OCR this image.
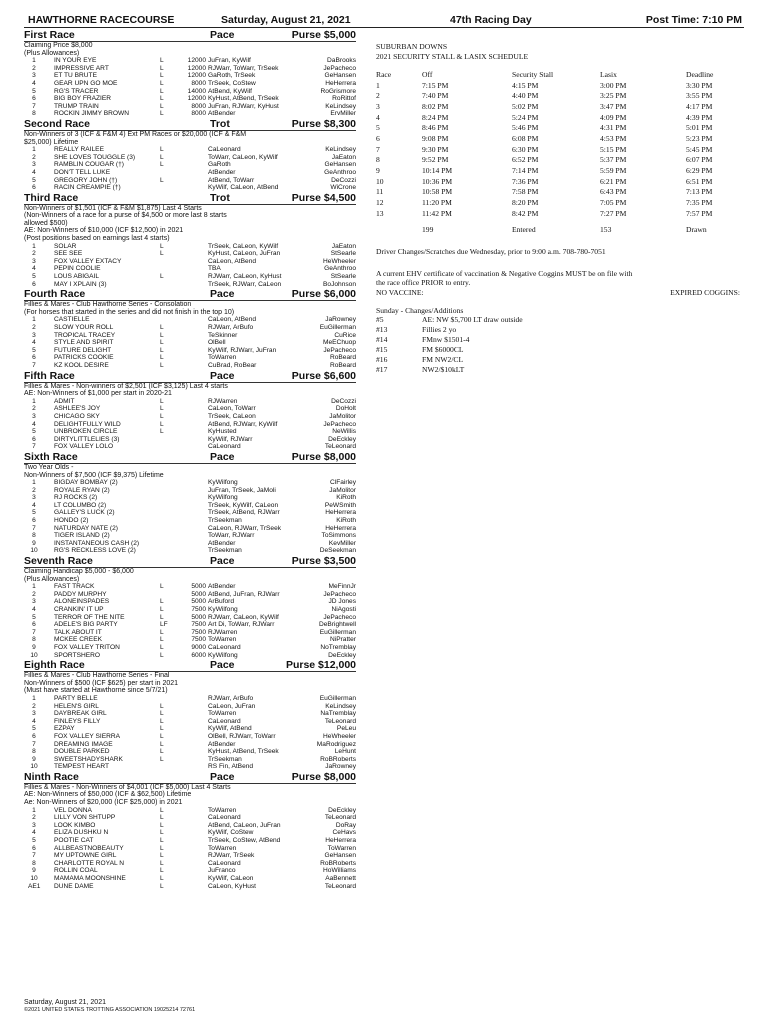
HAWTHORNE RACECOURSE	Saturday, August 21, 2021	47th Racing Day	Post Time: 7:10 PM
First Race	Pace	Purse $5,000
Claiming Price $8,000
(Plus Allowances)
1	IN YOUR EYE	L	12000 JuFran, KyWilf	DaBrooks
2	IMPRESSIVE ART	L	12000 RJWarr, ToWarr, TrSeek	JePacheco
3	ET TU BRUTE	L	12000 GaRoth, TrSeek	GeHansen
4	GEAR UPN GO MOE	L	8000 TrSeek, CoStew	HeHerrera
5	RG'S TRACER	L	14000 AtBend, KyWilf	RoGrismore
6	BIG BOY FRAZIER	L	12000 KyHust, AtBend, TrSeek	RoRittof
7	TRUMP TRAIN	L	8000 JuFran, RJWarr, KyHust	KeLindsey
8	ROCKIN JIMMY BROWN	L	8000 AtBender	ErvMiller
Second Race	Trot	Purse $8,300
Non-Winners of 3 (ICF & F&M 4) Ext PM Races or $20,000 (ICF & F&M
$25,000) Lifetime
1	REALLY RAILEE	L	CaLeonard	KeLindsey
2	SHE LOVES TOUGGLE (3)	L	ToWarr, CaLeon, KyWilf	JaEaton
3	RAMBLIN COUGAR (†)	L	GaRoth	GeHansen
4	DON'T TELL LUKE	AtBender	GeAnthroo
5	GREGORY JOHN (†)	L	AtBend, ToWarr	DeCozzi
6	RACIN CREAMPIE (†)	KyWilf, CaLeon, AtBend	WiCrone
Third Race	Trot	Purse $4,500
Non-Winners of $1,501 (ICF & F&M $1,875) Last 4 Starts
(Non-Winners of a race for a purse of $4,500 or more last 8 starts
allowed $500)
AE: Non-Winners of $10,000 (ICF $12,500) in 2021
(Post positions based on earnings last 4 starts)
1	SOLAR	L	TrSeek, CaLeon, KyWilf	JaEaton
2	SEE SEE	L	KyHust, CaLeon, JuFran	StSearle
3	FOX VALLEY EXTACY	CaLeon, AtBend	HeWheeler
4	PEPIN COOLIE	TBA	GeAnthroo
5	LOUS ABIGAIL	L	RJWarr, CaLeon, KyHust	StSearle
6	MAY I XPLAIN (3)	TrSeek, RJWarr, CaLeon	BoJohnson
Fourth Race	Pace	Purse $6,000
Fillies & Mares - Club Hawthorne Series - Consolation
(For horses that started in the series and did not finish in the top 10)
1	CASTIELLE	CaLeon, AtBend	JaRowney
2	SLOW YOUR ROLL	L	RJWarr, ArBufo	EuGillerman
3	TROPICAL TRACEY	L	TeSkinner	CuRice
4	STYLE AND SPIRIT	L	OlBell	MeEChuop
5	FUTURE DELIGHT	L	KyWilf, RJWarr, JuFran	JePacheco
6	PATRICKS COOKIE	L	ToWarren	RoBeard
7	KZ KOOL DESIRE	L	CuBrad, RoBear	RoBeard
Fifth Race	Pace	Purse $6,600
Fillies & Mares - Non-winners of $2,501 (ICF $3,125) Last 4 starts
AE: Non-Winners of $1,000 per start in 2020-21
1	ADMIT	L	RJWarren	DeCozzi
2	ASHLEE'S JOY	L	CaLeon, ToWarr	DoHolt
3	CHICAGO SKY	L	TrSeek, CaLeon	JaMolitor
4	DELIGHTFULLY WILD	L	AtBend, RJWarr, KyWilf	JePacheco
5	UNBROKEN CIRCLE	L	KyHusted	NeWillis
6	DIRTYLITTLELIES (3)	KyWilf, RJWarr	DeEckley
7	FOX VALLEY LOLO	CaLeonard	TeLeonard
Sixth Race	Pace	Purse $8,000
Two Year Olds -
Non-Winners of $7,500 (ICF $9,375) Lifetime
1	BIGDAY BOMBAY (2)	KyWilfong	ClFairley
2	ROYALE RYAN (2)	JuFran, TrSeek, JaMoli	JaMolitor
3	RJ ROCKS (2)	KyWilfong	KiRoth
4	LT COLUMBO (2)	TrSeek, KyWilf, CaLeon	PeWSmith
5	GALLEY'S LUCK (2)	TrSeek, AtBend, RJWarr	HeHerrera
6	HONDO (2)	TrSeekman	KiRoth
7	NATURDAY NATE (2)	CaLeon, RJWarr, TrSeek	HeHerrera
8	TIGER ISLAND (2)	ToWarr, RJWarr	ToSimmons
9	INSTANTANEOUS CASH (2)	AtBender	KevMiller
10	RG'S RECKLESS LOVE (2)	TrSeekman	DeSeekman
Seventh Race	Pace	Purse $3,500
Claiming Handicap $5,000 - $6,000
(Plus Allowances)
1	FAST TRACK	L	5000 AtBender	MeFinnJr
2	PADDY MURPHY	5000 AtBend, JuFran, RJWarr	JePacheco
3	ALONEINSPADES	L	5000 ArBuford	JD Jones
4	CRANKIN' IT UP	L	7500 KyWilfong	NiAgosti
5	TERROR OF THE NITE	L	5000 RJWarr, CaLeon, KyWilf	JePacheco
6	ADELE'S BIG PARTY	LF	7500 Art Di, ToWarr, RJWarr	DeBrightwell
7	TALK ABOUT IT	L	7500 RJWarren	EuGillerman
8	MCKEE CREEK	L	7500 ToWarren	NiPratter
9	FOX VALLEY TRITON	L	9000 CaLeonard	NoTremblay
10	SPORTSHERO	L	6000 KyWilfong	DeEckley
Eighth Race	Pace	Purse $12,000
Fillies & Mares - Club Hawthorne Series - Final
Non-Winners of $500 (ICF $625) per start in 2021
(Must have started at Hawthorne since 5/7/21)
1	PARTY BELLE	RJWarr, ArBufo	EuGillerman
2	HELEN'S GIRL	L	CaLeon, JuFran	KeLindsey
3	DAYBREAK GIRL	L	ToWarren	NaTremblay
4	FINLEYS FILLY	L	CaLeonard	TeLeonard
5	EZPAY	L	KyWilf, AtBend	PeLeu
6	FOX VALLEY SIERRA	L	OlBell, RJWarr, ToWarr	HeWheeler
7	DREAMING IMAGE	L	AtBender	MaRodriguez
8	DOUBLE PARKED	L	KyHust, AtBend, TrSeek	LeHunt
9	SWEETSHADYSHARK	L	TrSeekman	RoBRoberts
10	TEMPEST HEART	RS Fin, AtBend	JaRowney
Ninth Race	Pace	Purse $8,000
Fillies & Mares - Non-Winners of $4,001 (ICF $5,000) Last 4 Starts
AE: Non-Winners of $50,000 (ICF & $62,500) Lifetime
Ae: Non-Winners of $20,000 (ICF $25,000) in 2021
1	VEL DONNA	L	ToWarren	DeEckley
2	LILLY VON SHTUPP	L	CaLeonard	TeLeonard
3	LOOK KIMBO	L	AtBend, CaLeon, JuFran	DoRay
4	ELIZA DUSHKU N	L	KyWilf, CoStew	CeHavs
5	POOTIE CAT	L	TrSeek, CoStew, AtBend	HeHerrera
6	ALLBEASTNOBEAUTY	L	ToWarren	ToWarren
7	MY UPTOWNE GIRL	L	RJWarr, TrSeek	GeHansen
8	CHARLOTTE ROYAL N	L	CaLeonard	RoBRoberts
9	ROLLIN COAL	L	JuFranco	HoWilliams
10	MAMAMA MOONSHINE	L	KyWilf, CaLeon	AaBennett
AE1 DUNE DAME	L	CaLeon, KyHust	TeLeonard
Saturday, August 21, 2021
©2021 UNITED STATES TROTTING ASSOCIATION 19025214 72761
SUBURBAN DOWNS
2021 SECURITY STALL & LASIX SCHEDULE
Race	Off	Security Stall	Lasix	Deadline
1	7:15 PM	4:15 PM	3:00 PM	3:30 PM
2	7:40 PM	4:40 PM	3:25 PM	3:55 PM
3	8:02 PM	5:02 PM	3:47 PM	4:17 PM
4	8:24 PM	5:24 PM	4:09 PM	4:39 PM
5	8:46 PM	5:46 PM	4:31 PM	5:01 PM
6	9:08 PM	6:08 PM	4:53 PM	5:23 PM
7	9:30 PM	6:30 PM	5:15 PM	5:45 PM
8	9:52 PM	6:52 PM	5:37 PM	6:07 PM
9	10:14 PM	7:14 PM	5:59 PM	6:29 PM
10	10:36 PM	7:36 PM	6:21 PM	6:51 PM
11	10:58 PM	7:58 PM	6:43 PM	7:13 PM
12	11:20 PM	8:20 PM	7:05 PM	7:35 PM
13	11:42 PM	8:42 PM	7:27 PM	7:57 PM

	199	Entered	153	Drawn
Driver Changes/Scratches due Wednesday, prior to 9:00 a.m. 708-780-7051
A current EHV certificate of vaccination & Negative Coggins MUST be on file with
the race office PRIOR to entry.
NO VACCINE:	EXPIRED COGGINS:
Sunday - Changes/Additions
#5	AE: NW $5,700 LT draw outside
#13	Fillies 2 yo
#14	FMnw $1501-4
#15	FM $6000CL
#16	FM NW2/CL
#17	NW2/$10kLT
